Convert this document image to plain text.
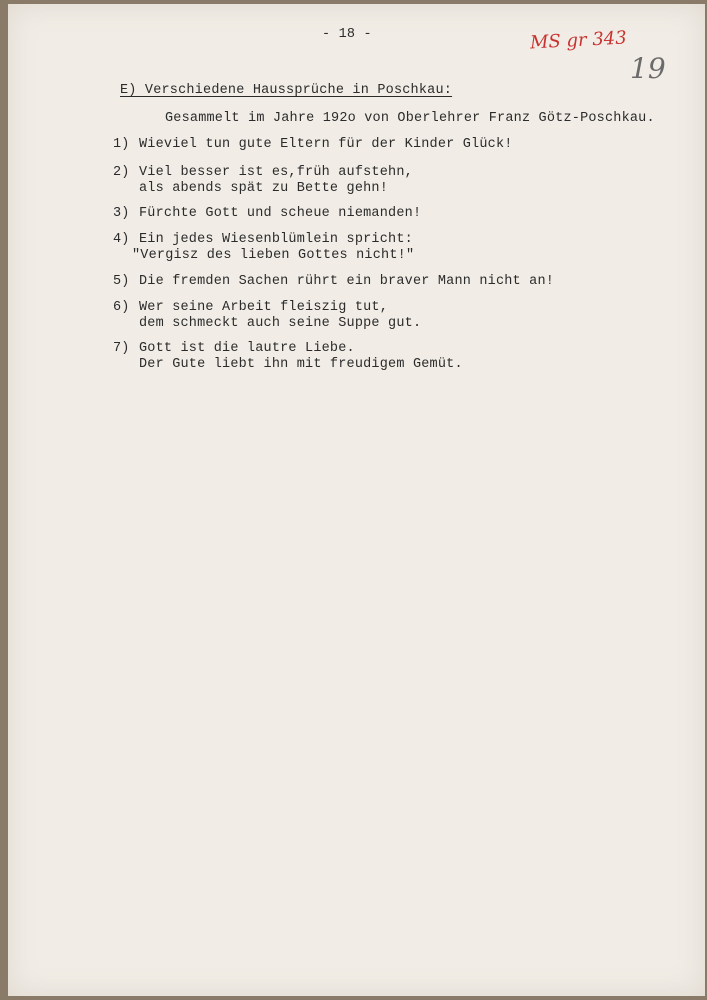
- 18 -	MS gr 343
19
E) Verschiedene Haussprüche in Poschkau:
Gesammelt im Jahre 192o von Oberlehrer Franz Götz-Poschkau.
1) Wieviel tun gute Eltern für der Kinder Glück!
2) Viel besser ist es,früh aufstehn,
als abends spät zu Bette gehn!
3) Fürchte Gott und scheue niemanden!
4) Ein jedes Wiesenblümlein spricht:
"Vergisz des lieben Gottes nicht!"
5) Die fremden Sachen rührt ein braver Mann nicht an!
6) Wer seine Arbeit fleiszig tut,
dem schmeckt auch seine Suppe gut.
7) Gott ist die lautre Liebe.
Der Gute liebt ihn mit freudigem Gemüt.
